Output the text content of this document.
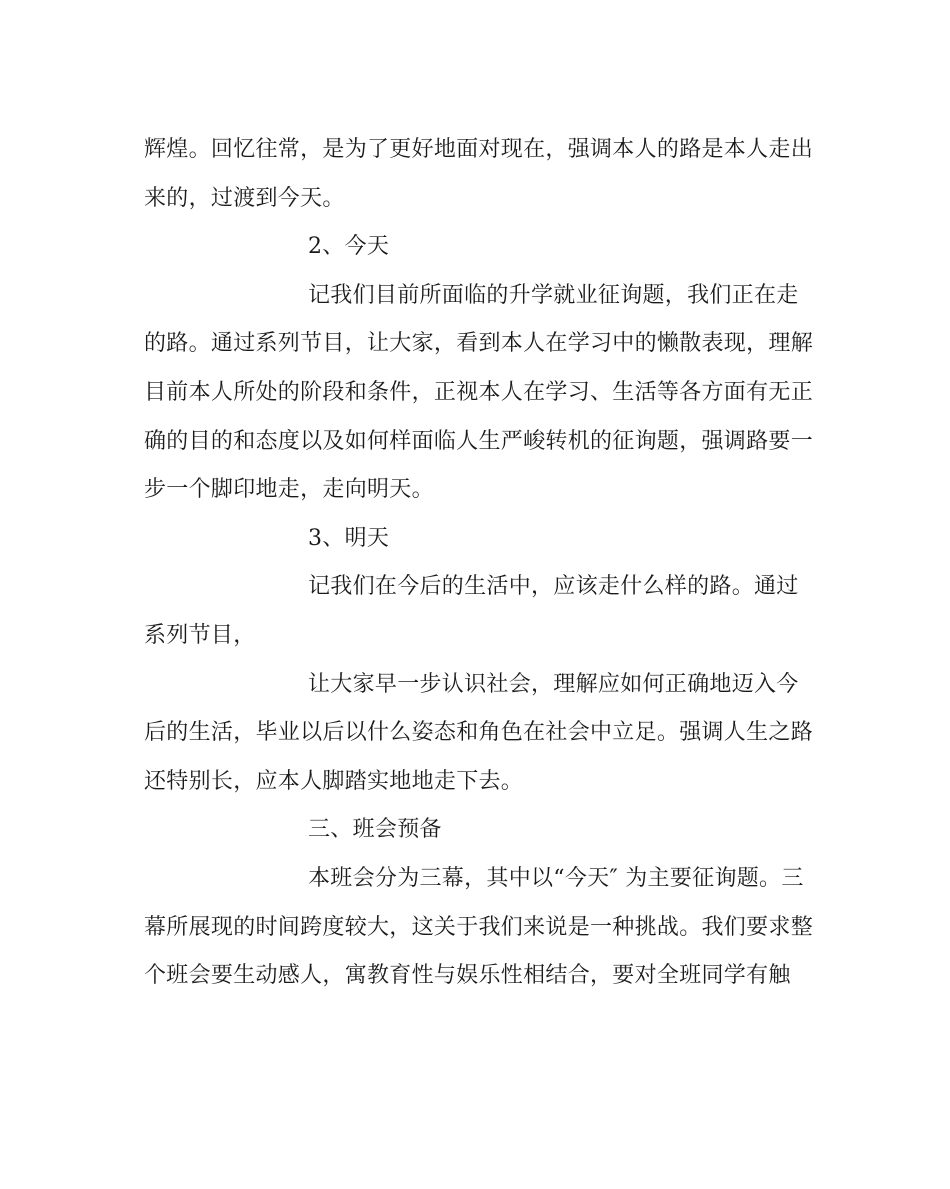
辉煌。回忆往常，是为了更好地面对现在，强调本人的路是本人走出
来的，过渡到今天。
2、今天
记我们目前所面临的升学就业征询题，我们正在走
的路。通过系列节目，让大家，看到本人在学习中的懒散表现，理解
目前本人所处的阶段和条件，正视本人在学习、生活等各方面有无正
确的目的和态度以及如何样面临人生严峻转机的征询题，强调路要一
步一个脚印地走，走向明天。
3、明天
记我们在今后的生活中，应该走什么样的路。通过
系列节目，
让大家早一步认识社会，理解应如何正确地迈入今
后的生活，毕业以后以什么姿态和角色在社会中立足。强调人生之路
还特别长，应本人脚踏实地地走下去。
三、班会预备
本班会分为三幕，其中以“今天″ 为主要征询题。三
幕所展现的时间跨度较大，这关于我们来说是一种挑战。我们要求整
个班会要生动感人，寓教育性与娱乐性相结合，要对全班同学有触
